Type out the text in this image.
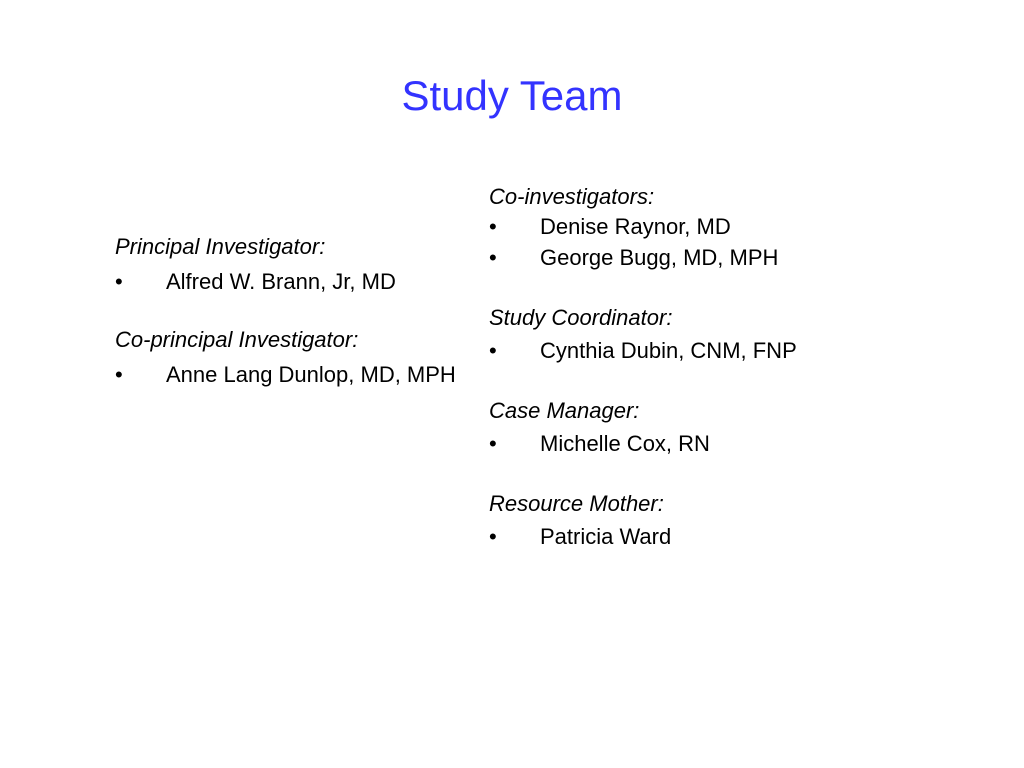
Study Team

Principal Investigator:

•	Alfred W. Brann, Jr, MD

Co-principal Investigator:

•	Anne Lang Dunlop, MD, MPH

Co-investigators:

•	Denise Raynor, MD
•	George Bugg, MD, MPH

Study Coordinator:

•	Cynthia Dubin, CNM, FNP

Case Manager:

•	Michelle Cox, RN

Resource Mother:

•	Patricia Ward
